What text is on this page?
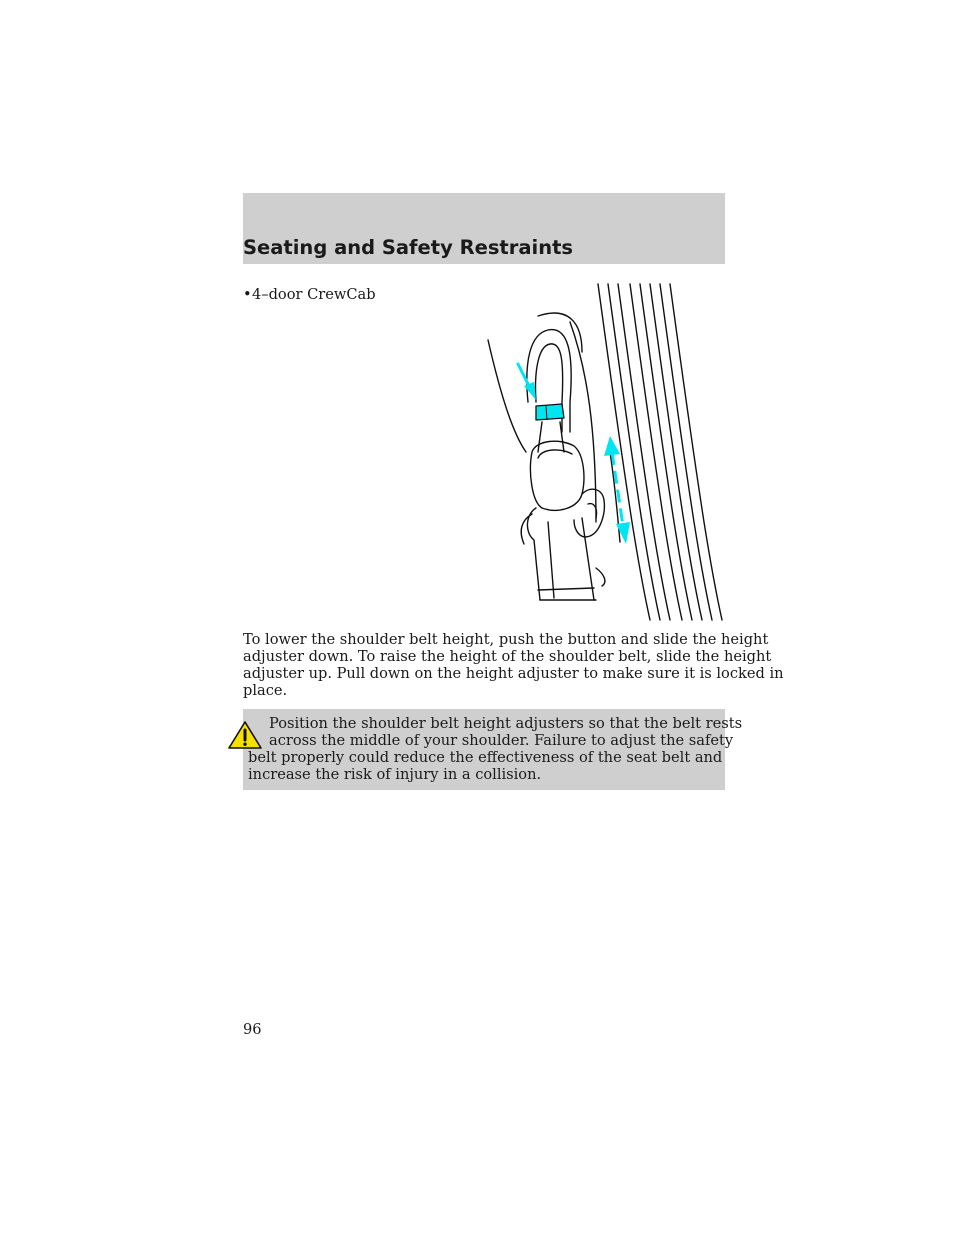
Seating and Safety Restraints
•4–door CrewCab

To lower the shoulder belt height, push the button and slide the height
adjuster down. To raise the height of the shoulder belt, slide the height
adjuster up. Pull down on the height adjuster to make sure it is locked in
place.

Position the shoulder belt height adjusters so that the belt rests
across the middle of your shoulder. Failure to adjust the safety
belt properly could reduce the effectiveness of the seat belt and
increase the risk of injury in a collision.
96
